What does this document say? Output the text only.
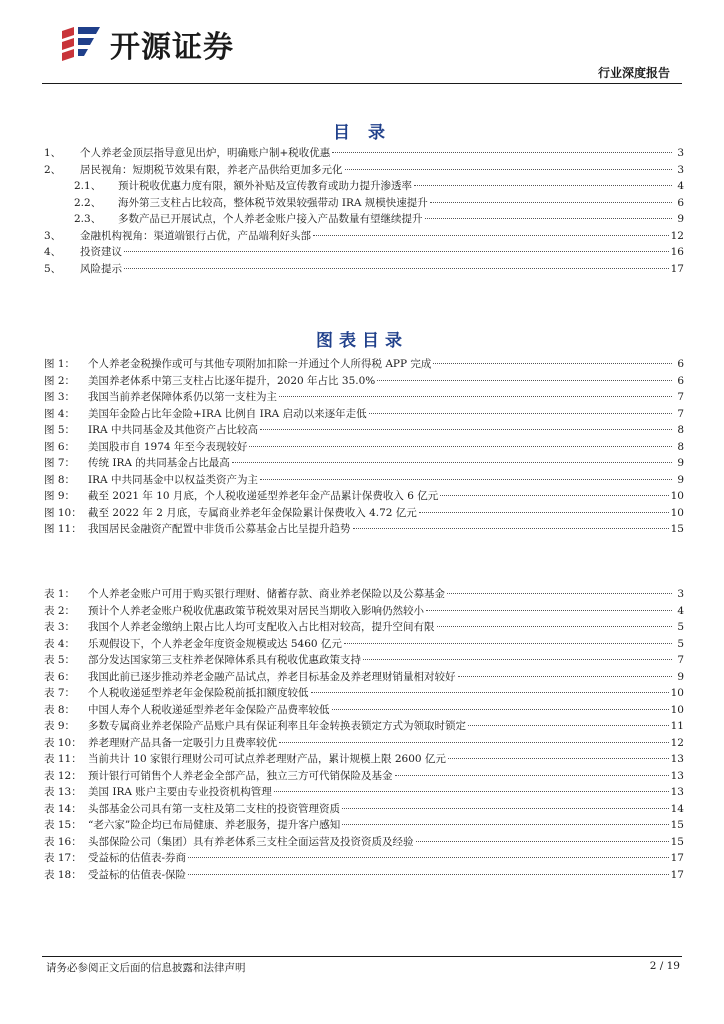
开源证券
行业深度报告
目 录
1、	个人养老金顶层指导意见出炉，明确账户制+税收优惠	3
2、	居民视角：短期税节效果有限，养老产品供给更加多元化	3
2.1、	预计税收优惠力度有限，额外补贴及宣传教育或助力提升渗透率	4
2.2、	海外第三支柱占比较高，整体税节效果较强带动 IRA 规模快速提升	6
2.3、	多数产品已开展试点，个人养老金账户接入产品数量有望继续提升	9
3、	金融机构视角：渠道端银行占优，产品端利好头部	12
4、	投资建议	16
5、	风险提示	17
图表目录
图 1：	个人养老金税操作或可与其他专项附加扣除一并通过个人所得税 APP 完成	6
图 2：	美国养老体系中第三支柱占比逐年提升，2020 年占比 35.0%	6
图 3：	我国当前养老保障体系仍以第一支柱为主	7
图 4：	美国年金险占比年金险+IRA 比例自 IRA 启动以来逐年走低	7
图 5：	IRA 中共同基金及其他资产占比较高	8
图 6：	美国股市自 1974 年至今表现较好	8
图 7：	传统 IRA 的共同基金占比最高	9
图 8：	IRA 中共同基金中以权益类资产为主	9
图 9：	截至 2021 年 10 月底，个人税收递延型养老年金产品累计保费收入 6 亿元	10
图 10： 截至 2022 年 2 月底，专属商业养老年金保险累计保费收入 4.72 亿元	10
图 11： 我国居民金融资产配置中非货币公募基金占比呈提升趋势	15
表 1：	个人养老金账户可用于购买银行理财、储蓄存款、商业养老保险以及公募基金	3
表 2：	预计个人养老金账户税收优惠政策节税效果对居民当期收入影响仍然较小	4
表 3：	我国个人养老金缴纳上限占比人均可支配收入占比相对较高，提升空间有限	5
表 4：	乐观假设下，个人养老金年度资金规模或达 5460 亿元	5
表 5：	部分发达国家第三支柱养老保障体系具有税收优惠政策支持	7
表 6：	我国此前已逐步推动养老金融产品试点，养老目标基金及养老理财销量相对较好	9
表 7：	个人税收递延型养老年金保险税前抵扣额度较低	10
表 8：	中国人寿个人税收递延型养老年金保险产品费率较低	10
表 9：	多数专属商业养老保险产品账户具有保证利率且年金转换表锁定方式为领取时锁定	11
表 10： 养老理财产品具备一定吸引力且费率较优	12
表 11： 当前共计 10 家银行理财公司可试点养老理财产品，累计规模上限 2600 亿元	13
表 12： 预计银行可销售个人养老金全部产品，独立三方可代销保险及基金	13
表 13： 美国 IRA 账户主要由专业投资机构管理	13
表 14： 头部基金公司具有第一支柱及第二支柱的投资管理资质	14
表 15： “老六家”险企均已布局健康、养老服务，提升客户感知	15
表 16： 头部保险公司（集团）具有养老体系三支柱全面运营及投资资质及经验	15
表 17： 受益标的估值表-券商	17
表 18： 受益标的估值表-保险	17
请务必参阅正文后面的信息披露和法律声明	2 / 19
